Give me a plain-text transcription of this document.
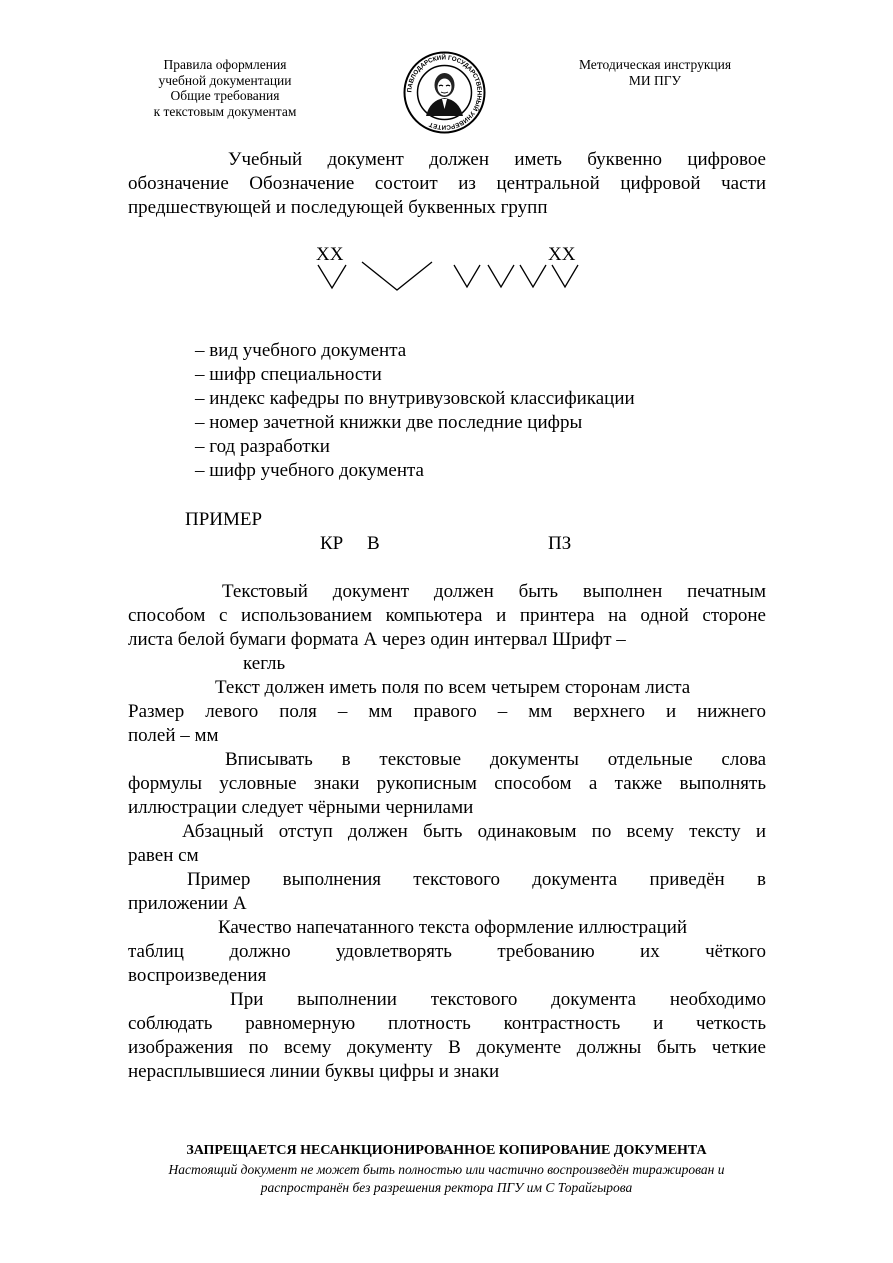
Правила оформления
учебной документации
Общие требования
к текстовым документам
ПАВЛОДАРСКИЙ ГОСУДАРСТВЕННЫЙ УНИВЕРСИТЕТ
Методическая инструкция
МИ ПГУ
Учебный документ должен иметь буквенно цифровое
обозначение Обозначение состоит из центральной цифровой части
предшествующей и последующей буквенных групп
XX	XX
– вид учебного документа
– шифр специальности
– индекс кафедры по внутривузовской классификации
– номер зачетной книжки две последние цифры
– год разработки
– шифр учебного документа
ПРИМЕР
КР В	ПЗ
Текстовый документ должен быть выполнен печатным
способом с использованием компьютера и принтера на одной стороне
листа белой бумаги формата А через один интервал Шрифт –
кегль
Текст должен иметь поля по всем четырем сторонам листа
Размер левого поля – мм правого – мм верхнего и нижнего
полей – мм
Вписывать в текстовые документы отдельные слова
формулы условные знаки рукописным способом а также выполнять
иллюстрации следует чёрными чернилами
Абзацный отступ должен быть одинаковым по всему тексту и
равен см
Пример выполнения текстового документа приведён в
приложении А
Качество напечатанного текста оформление иллюстраций
таблиц должно удовлетворять требованию их чёткого
воспроизведения
При выполнении текстового документа необходимо
соблюдать равномерную плотность контрастность и четкость
изображения по всему документу В документе должны быть четкие
нерасплывшиеся линии буквы цифры и знаки
ЗАПРЕЩАЕТСЯ НЕСАНКЦИОНИРОВАННОЕ КОПИРОВАНИЕ ДОКУМЕНТА
Настоящий документ не может быть полностью или частично воспроизведён тиражирован и
распространён без разрешения ректора ПГУ им С Торайгырова
